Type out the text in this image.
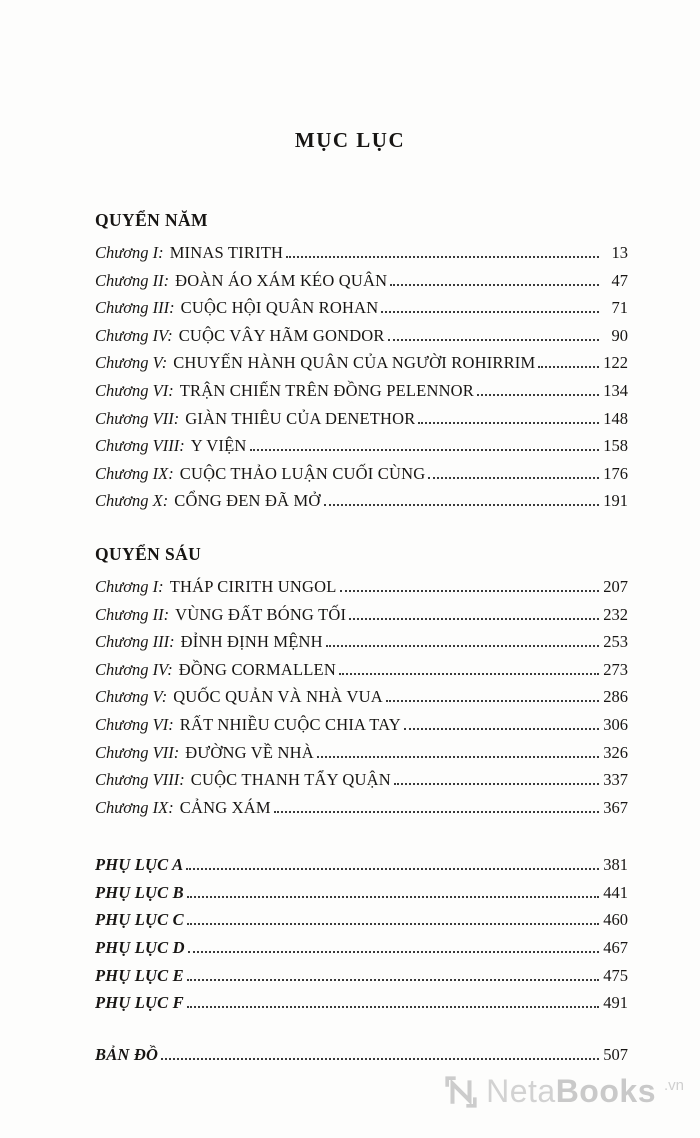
MỤC LỤC
QUYỂN NĂM
Chương I: MINAS TIRITH	13
Chương II: ĐOÀN ÁO XÁM KÉO QUÂN	47
Chương III: CUỘC HỘI QUÂN ROHAN	71
Chương IV: CUỘC VÂY HÃM GONDOR	90
Chương V: CHUYẾN HÀNH QUÂN CỦA NGƯỜI ROHIRRIM	122
Chương VI: TRẬN CHIẾN TRÊN ĐỒNG PELENNOR	134
Chương VII: GIÀN THIÊU CỦA DENETHOR	148
Chương VIII: Y VIỆN	158
Chương IX: CUỘC THẢO LUẬN CUỐI CÙNG	176
Chương X: CỔNG ĐEN ĐÃ MỞ	191
QUYỂN SÁU
Chương I: THÁP CIRITH UNGOL	207
Chương II: VÙNG ĐẤT BÓNG TỐI	232
Chương III: ĐỈNH ĐỊNH MỆNH	253
Chương IV: ĐỒNG CORMALLEN	273
Chương V: QUỐC QUẢN VÀ NHÀ VUA	286
Chương VI: RẤT NHIỀU CUỘC CHIA TAY	306
Chương VII: ĐƯỜNG VỀ NHÀ	326
Chương VIII: CUỘC THANH TẨY QUẬN	337
Chương IX: CẢNG XÁM	367
PHỤ LỤC A	381
PHỤ LỤC B	441
PHỤ LỤC C	460
PHỤ LỤC D	467
PHỤ LỤC E	475
PHỤ LỤC F	491
BẢN ĐỒ	507
NetaBooks .vn
